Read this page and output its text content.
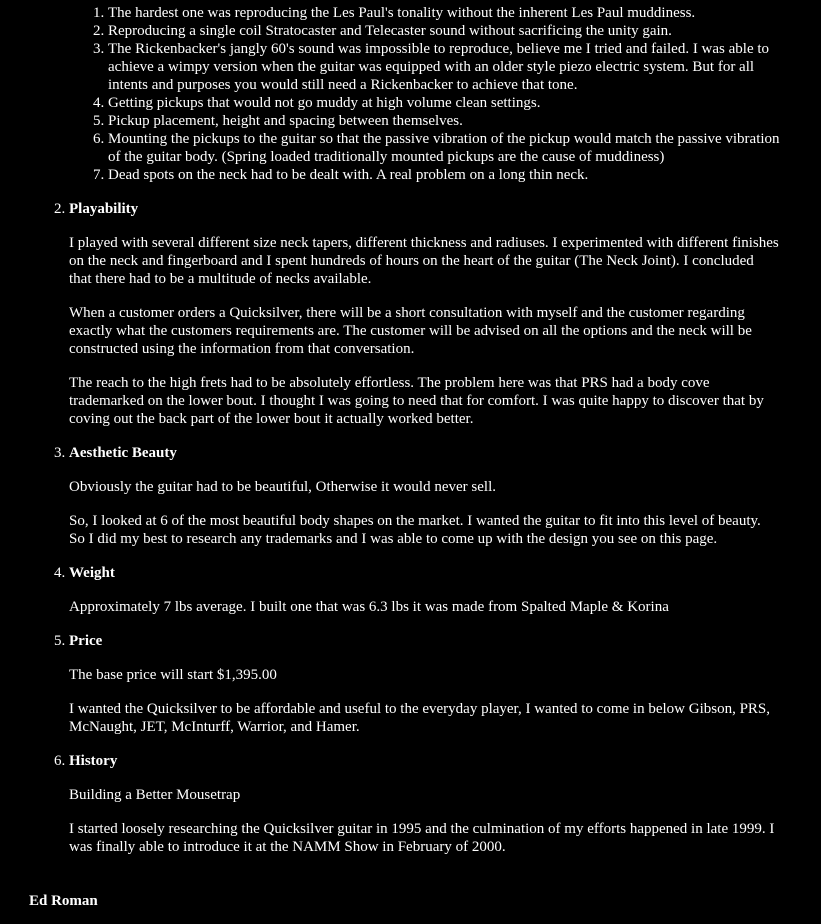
1. The hardest one was reproducing the Les Paul's tonality without the inherent Les Paul muddiness.
2. Reproducing a single coil Stratocaster and Telecaster sound without sacrificing the unity gain.
3. The Rickenbacker's jangly 60's sound was impossible to reproduce, believe me I tried and failed. I was able to achieve a wimpy version when the guitar was equipped with an older style piezo electric system. But for all intents and purposes you would still need a Rickenbacker to achieve that tone.
4. Getting pickups that would not go muddy at high volume clean settings.
5. Pickup placement, height and spacing between themselves.
6. Mounting the pickups to the guitar so that the passive vibration of the pickup would match the passive vibration of the guitar body. (Spring loaded traditionally mounted pickups are the cause of muddiness)
7. Dead spots on the neck had to be dealt with. A real problem on a long thin neck.
2. Playability

I played with several different size neck tapers, different thickness and radiuses. I experimented with different finishes on the neck and fingerboard and I spent hundreds of hours on the heart of the guitar (The Neck Joint). I concluded that there had to be a multitude of necks available.

When a customer orders a Quicksilver, there will be a short consultation with myself and the customer regarding exactly what the customers requirements are. The customer will be advised on all the options and the neck will be constructed using the information from that conversation.

The reach to the high frets had to be absolutely effortless. The problem here was that PRS had a body cove trademarked on the lower bout. I thought I was going to need that for comfort. I was quite happy to discover that by coving out the back part of the lower bout it actually worked better.

3. Aesthetic Beauty

Obviously the guitar had to be beautiful, Otherwise it would never sell.

So, I looked at 6 of the most beautiful body shapes on the market. I wanted the guitar to fit into this level of beauty. So I did my best to research any trademarks and I was able to come up with the design you see on this page.

4. Weight

Approximately 7 lbs average. I built one that was 6.3 lbs it was made from Spalted Maple & Korina

5. Price

The base price will start $1,395.00

I wanted the Quicksilver to be affordable and useful to the everyday player, I wanted to come in below Gibson, PRS, McNaught, JET, McInturff, Warrior, and Hamer.

6. History

Building a Better Mousetrap

I started loosely researching the Quicksilver guitar in 1995 and the culmination of my efforts happened in late 1999. I was finally able to introduce it at the NAMM Show in February of 2000.

Ed Roman
